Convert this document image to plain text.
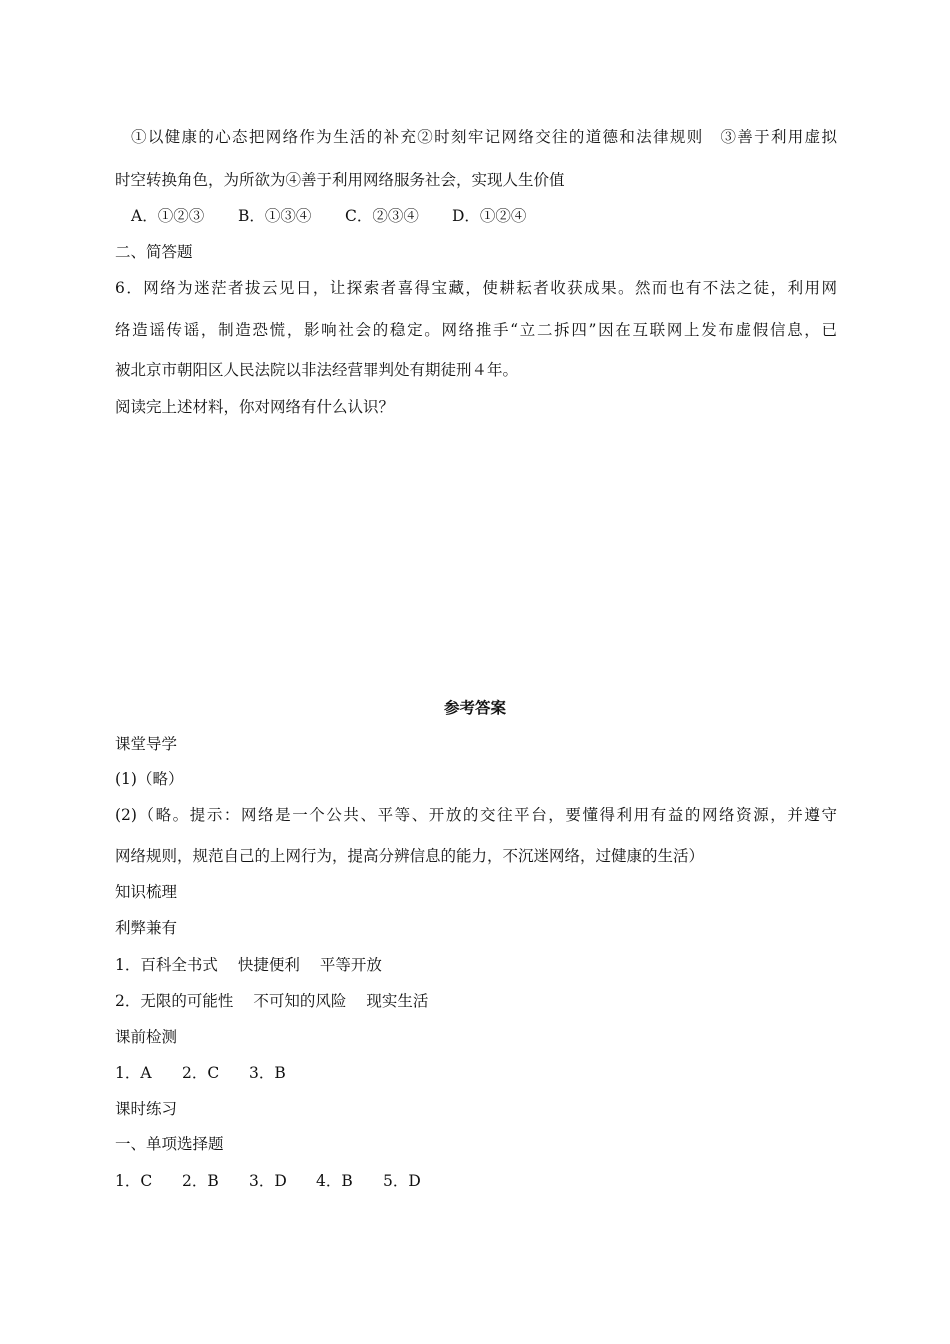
①以健康的心态把网络作为生活的补充②时刻牢记网络交往的道德和法律规则　③善于利用虚拟
时空转换角色，为所欲为④善于利用网络服务社会，实现人生价值
A．①②③ B．①③④ C．②③④ D．①②④
二、简答题
6．网络为迷茫者拔云见日，让探索者喜得宝藏，使耕耘者收获成果。然而也有不法之徒，利用网
络造谣传谣，制造恐慌，影响社会的稳定。网络推手“立二拆四”因在互联网上发布虚假信息，已
被北京市朝阳区人民法院以非法经营罪判处有期徒刑４年。
阅读完上述材料，你对网络有什么认识？
参考答案
课堂导学
(1)（略）
(2)（略。提示：网络是一个公共、平等、开放的交往平台，要懂得利用有益的网络资源，并遵守
网络规则，规范自己的上网行为，提高分辨信息的能力，不沉迷网络，过健康的生活）
知识梳理
利弊兼有
1．百科全书式 快捷便利 平等开放
2．无限的可能性 不可知的风险 现实生活
课前检测
1．A 2．C 3．B
课时练习
一、单项选择题
1．C 2．B 3．D 4．B 5．D
